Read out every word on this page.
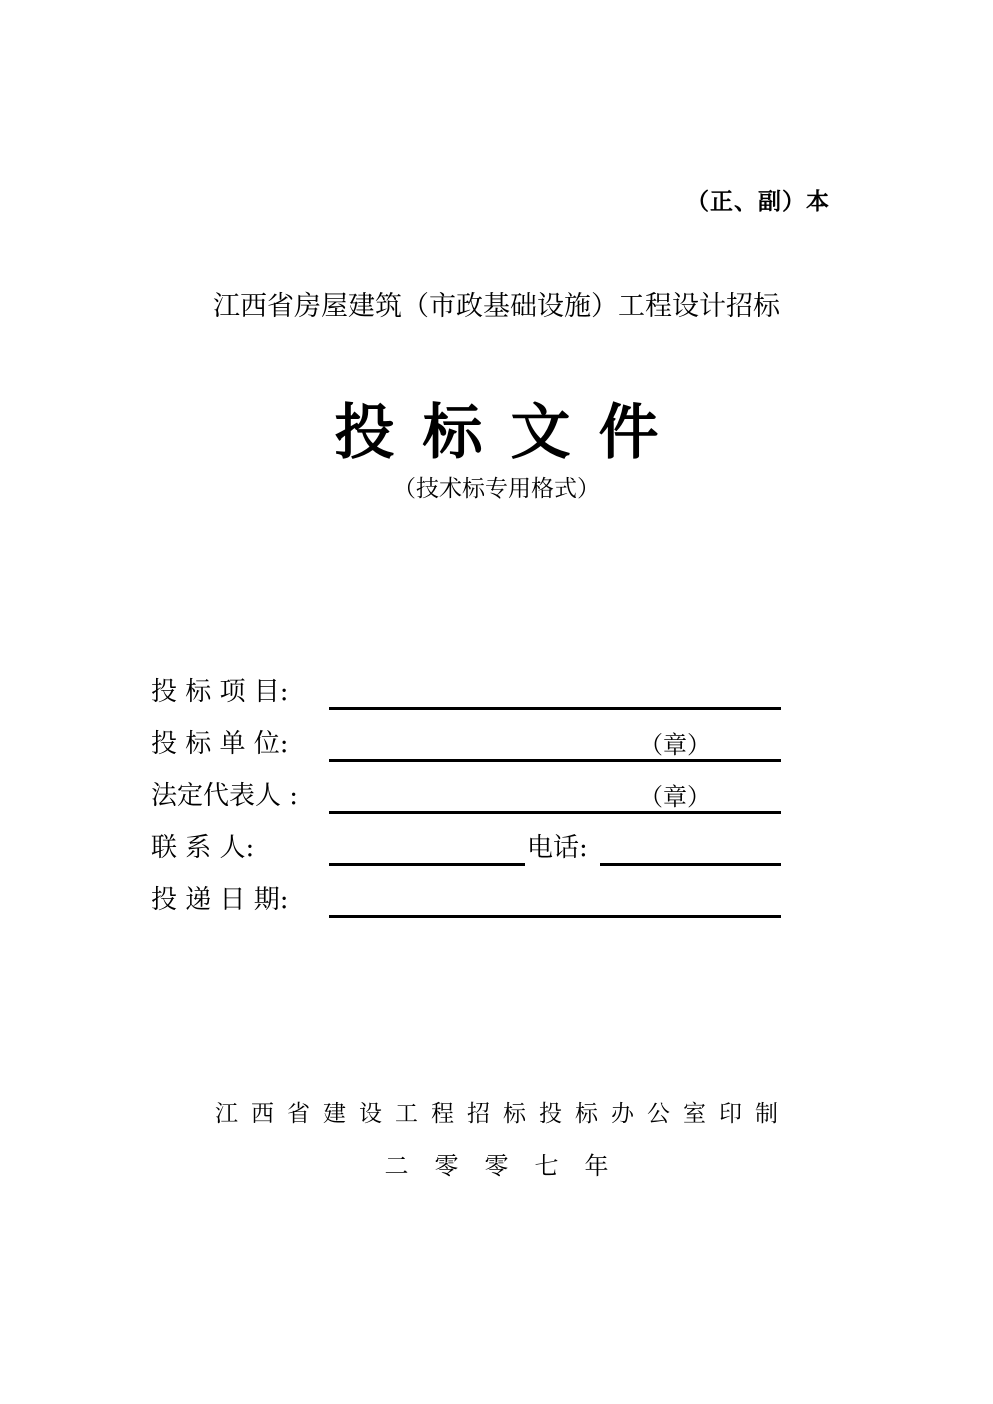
（正、副）本
江西省房屋建筑（市政基础设施）工程设计招标
投标文件
（技术标专用格式）
投 标 项 目:
投 标 单 位:	（章）
法定代表人 :	（章）
联 系 人:	电话:
投 递 日 期:
江西省建设工程招标投标办公室印制
二零零七年
